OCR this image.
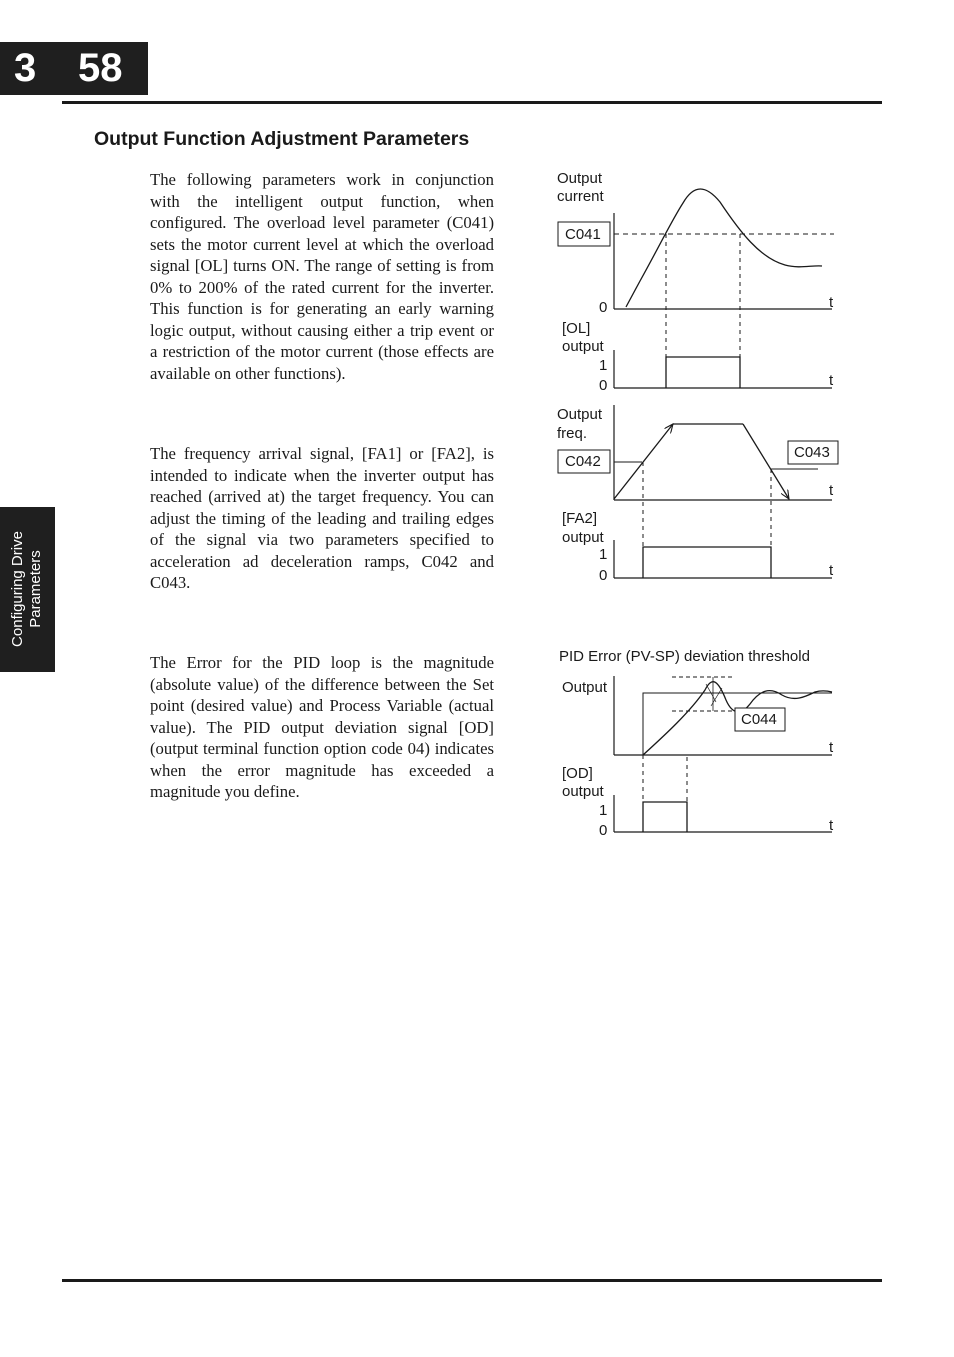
3 58
Output Function Adjustment Parameters

The following parameters work in conjunction with the intelligent output function, when configured. The overload level parameter (C041) sets the motor current level at which the overload signal [OL] turns ON. The range of setting is from 0% to 200% of the rated current for the inverter. This function is for generating an early warning logic output, without causing either a trip event or a restriction of the motor current (those effects are available on other functions).

The frequency arrival signal, [FA1] or [FA2], is intended to indicate when the inverter output has reached (arrived at) the target frequency. You can adjust the timing of the leading and trailing edges of the signal via two parameters specified to acceleration ad deceleration ramps, C042 and C043.

The Error for the PID loop is the magnitude (absolute value) of the difference between the Set point (desired value) and Process Variable (actual value). The PID output deviation signal [OD] (output terminal function option code 04) indicates when the error magnitude has exceeded a magnitude you define.

Configuring Drive Parameters
Output
current
0	t
C041
[OL]
output
1
0	t
Output
freq.
t
C042
C043
[FA2]
output
1
0	t
PID Error (PV-SP) deviation threshold
Output
t
C044
[OD]
output
1
0	t
